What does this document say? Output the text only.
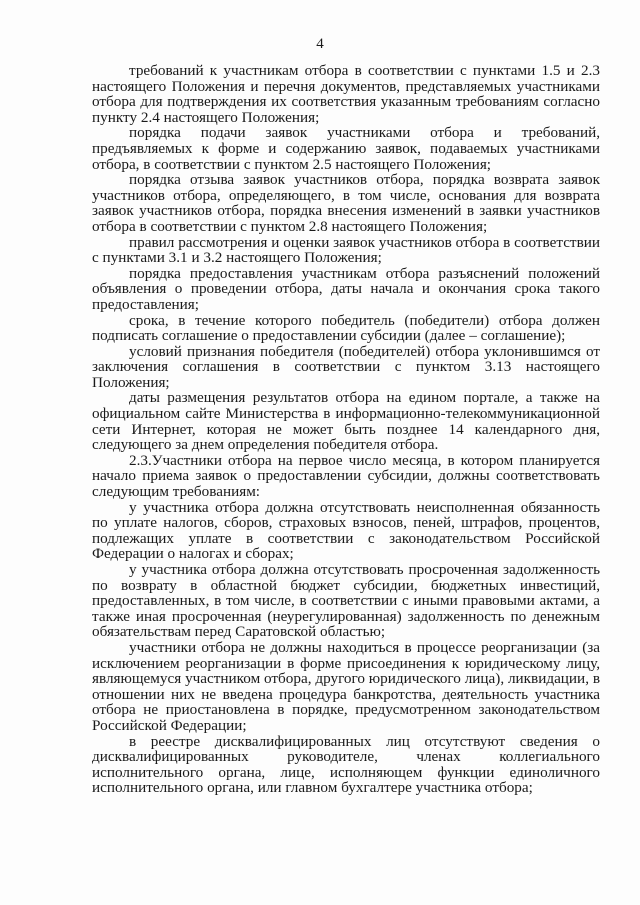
4

требований к участникам отбора в соответствии с пунктами 1.5 и 2.3 настоящего Положения и перечня документов, представляемых участниками отбора для подтверждения их соответствия указанным требованиям согласно пункту 2.4 настоящего Положения;

порядка подачи заявок участниками отбора и требований, предъявляемых к форме и содержанию заявок, подаваемых участниками отбора, в соответствии с пунктом 2.5 настоящего Положения;

порядка отзыва заявок участников отбора, порядка возврата заявок участников отбора, определяющего, в том числе, основания для возврата заявок участников отбора, порядка внесения изменений в заявки участников отбора в соответствии с пунктом 2.8 настоящего Положения;

правил рассмотрения и оценки заявок участников отбора в соответствии с пунктами 3.1 и 3.2 настоящего Положения;

порядка предоставления участникам отбора разъяснений положений объявления о проведении отбора, даты начала и окончания срока такого предоставления;

срока, в течение которого победитель (победители) отбора должен подписать соглашение о предоставлении субсидии (далее – соглашение);

условий признания победителя (победителей) отбора уклонившимся от заключения соглашения в соответствии с пунктом 3.13 настоящего Положения;

даты размещения результатов отбора на едином портале, а также на официальном сайте Министерства в информационно-телекоммуникационной сети Интернет, которая не может быть позднее 14 календарного дня, следующего за днем определения победителя отбора.

2.3.Участники отбора на первое число месяца, в котором планируется начало приема заявок о предоставлении субсидии, должны соответствовать следующим требованиям:

у участника отбора должна отсутствовать неисполненная обязанность по уплате налогов, сборов, страховых взносов, пеней, штрафов, процентов, подлежащих уплате в соответствии с законодательством Российской Федерации о налогах и сборах;

у участника отбора должна отсутствовать просроченная задолженность по возврату в областной бюджет субсидии, бюджетных инвестиций, предоставленных, в том числе, в соответствии с иными правовыми актами, а также иная просроченная (неурегулированная) задолженность по денежным обязательствам перед Саратовской областью;

участники отбора не должны находиться в процессе реорганизации (за исключением реорганизации в форме присоединения к юридическому лицу, являющемуся участником отбора, другого юридического лица), ликвидации, в отношении них не введена процедура банкротства, деятельность участника отбора не приостановлена в порядке, предусмотренном законодательством Российской Федерации;

в реестре дисквалифицированных лиц отсутствуют сведения о дисквалифицированных руководителе, членах коллегиального исполнительного органа, лице, исполняющем функции единоличного исполнительного органа, или главном бухгалтере участника отбора;
